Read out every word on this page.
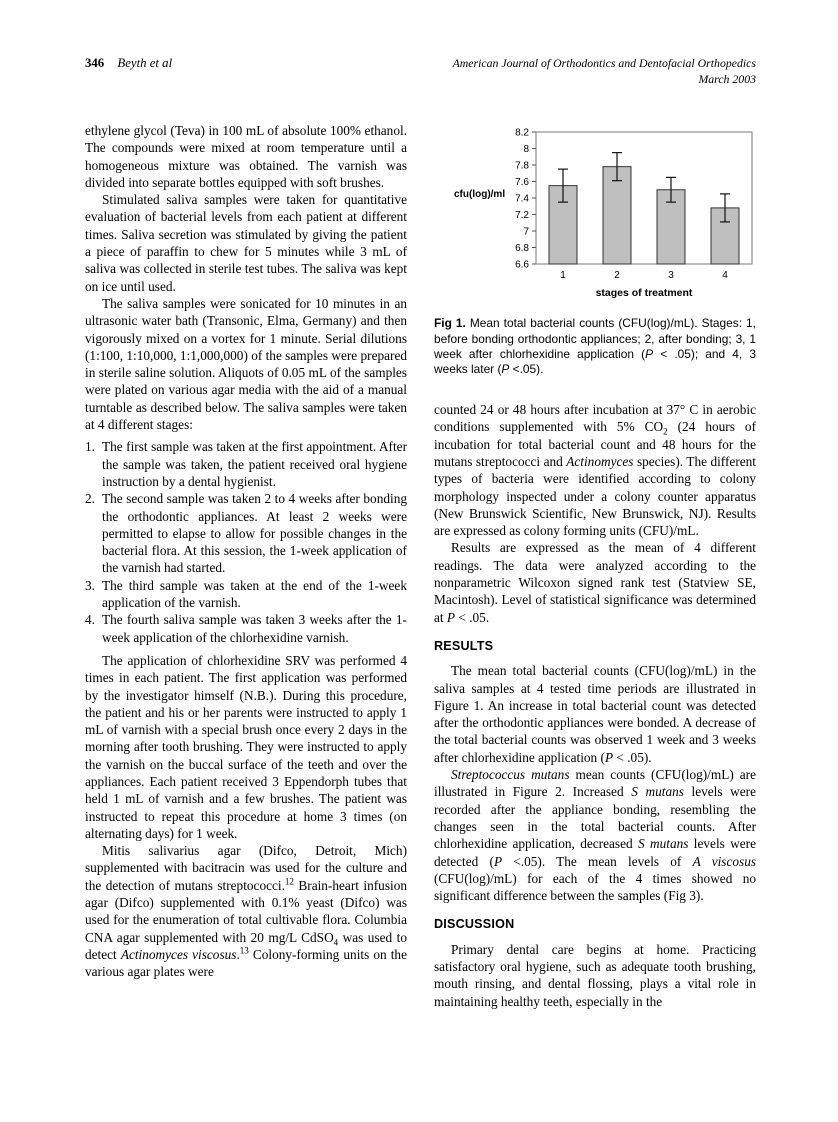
346 Beyth et al	American Journal of Orthodontics and Dentofacial Orthopedics
March 2003

ethylene glycol (Teva) in 100 mL of absolute 100% ethanol. The compounds were mixed at room temperature until a homogeneous mixture was obtained. The varnish was divided into separate bottles equipped with soft brushes.

Stimulated saliva samples were taken for quantitative evaluation of bacterial levels from each patient at different times. Saliva secretion was stimulated by giving the patient a piece of paraffin to chew for 5 minutes while 3 mL of saliva was collected in sterile test tubes. The saliva was kept on ice until used.

The saliva samples were sonicated for 10 minutes in an ultrasonic water bath (Transonic, Elma, Germany) and then vigorously mixed on a vortex for 1 minute. Serial dilutions (1:100, 1:10,000, 1:1,000,000) of the samples were prepared in sterile saline solution. Aliquots of 0.05 mL of the samples were plated on various agar media with the aid of a manual turntable as described below. The saliva samples were taken at 4 different stages:

1. The first sample was taken at the first appointment. After the sample was taken, the patient received oral hygiene instruction by a dental hygienist.
2. The second sample was taken 2 to 4 weeks after bonding the orthodontic appliances. At least 2 weeks were permitted to elapse to allow for possible changes in the bacterial flora. At this session, the 1-week application of the varnish had started.
3. The third sample was taken at the end of the 1-week application of the varnish.
4. The fourth saliva sample was taken 3 weeks after the 1-week application of the chlorhexidine varnish.

The application of chlorhexidine SRV was performed 4 times in each patient. The first application was performed by the investigator himself (N.B.). During this procedure, the patient and his or her parents were instructed to apply 1 mL of varnish with a special brush once every 2 days in the morning after tooth brushing. They were instructed to apply the varnish on the buccal surface of the teeth and over the appliances. Each patient received 3 Eppendorph tubes that held 1 mL of varnish and a few brushes. The patient was instructed to repeat this procedure at home 3 times (on alternating days) for 1 week.

Mitis salivarius agar (Difco, Detroit, Mich) supplemented with bacitracin was used for the culture and the detection of mutans streptococci.$^{12}$ Brain-heart infusion agar (Difco) supplemented with 0.1% yeast (Difco) was used for the enumeration of total cultivable flora. Columbia CNA agar supplemented with 20 mg/L CdSO$_4$ was used to detect Actinomyces viscosus.$^{13}$ Colony-forming units on the various agar plates were

6.6
6.8
7
7.2
7.4
7.6
7.8
8
8.2
cfu(log)/ml
1	2	3	4
stages of treatment
Fig 1. Mean total bacterial counts (CFU(log)/mL). Stages: 1, before bonding orthodontic appliances; 2, after bonding; 3, 1 week after chlorhexidine application (P < .05); and 4, 3 weeks later (P <.05).

counted 24 or 48 hours after incubation at 37° C in aerobic conditions supplemented with 5% $CO_2$ (24 hours of incubation for total bacterial count and 48 hours for the mutans streptococci and Actinomyces species). The different types of bacteria were identified according to colony morphology inspected under a colony counter apparatus (New Brunswick Scientific, New Brunswick, NJ). Results are expressed as colony forming units (CFU)/mL.

Results are expressed as the mean of 4 different readings. The data were analyzed according to the nonparametric Wilcoxon signed rank test (Statview SE, Macintosh). Level of statistical significance was determined at P < .05.

RESULTS

The mean total bacterial counts (CFU(log)/mL) in the saliva samples at 4 tested time periods are illustrated in Figure 1. An increase in total bacterial count was detected after the orthodontic appliances were bonded. A decrease of the total bacterial counts was observed 1 week and 3 weeks after chlorhexidine application (P < .05).

Streptococcus mutans mean counts (CFU(log)/mL) are illustrated in Figure 2. Increased S mutans levels were recorded after the appliance bonding, resembling the changes seen in the total bacterial counts. After chlorhexidine application, decreased S mutans levels were detected (P <.05). The mean levels of A viscosus (CFU(log)/mL) for each of the 4 times showed no significant difference between the samples (Fig 3).

DISCUSSION

Primary dental care begins at home. Practicing satisfactory oral hygiene, such as adequate tooth brushing, mouth rinsing, and dental flossing, plays a vital role in maintaining healthy teeth, especially in the
